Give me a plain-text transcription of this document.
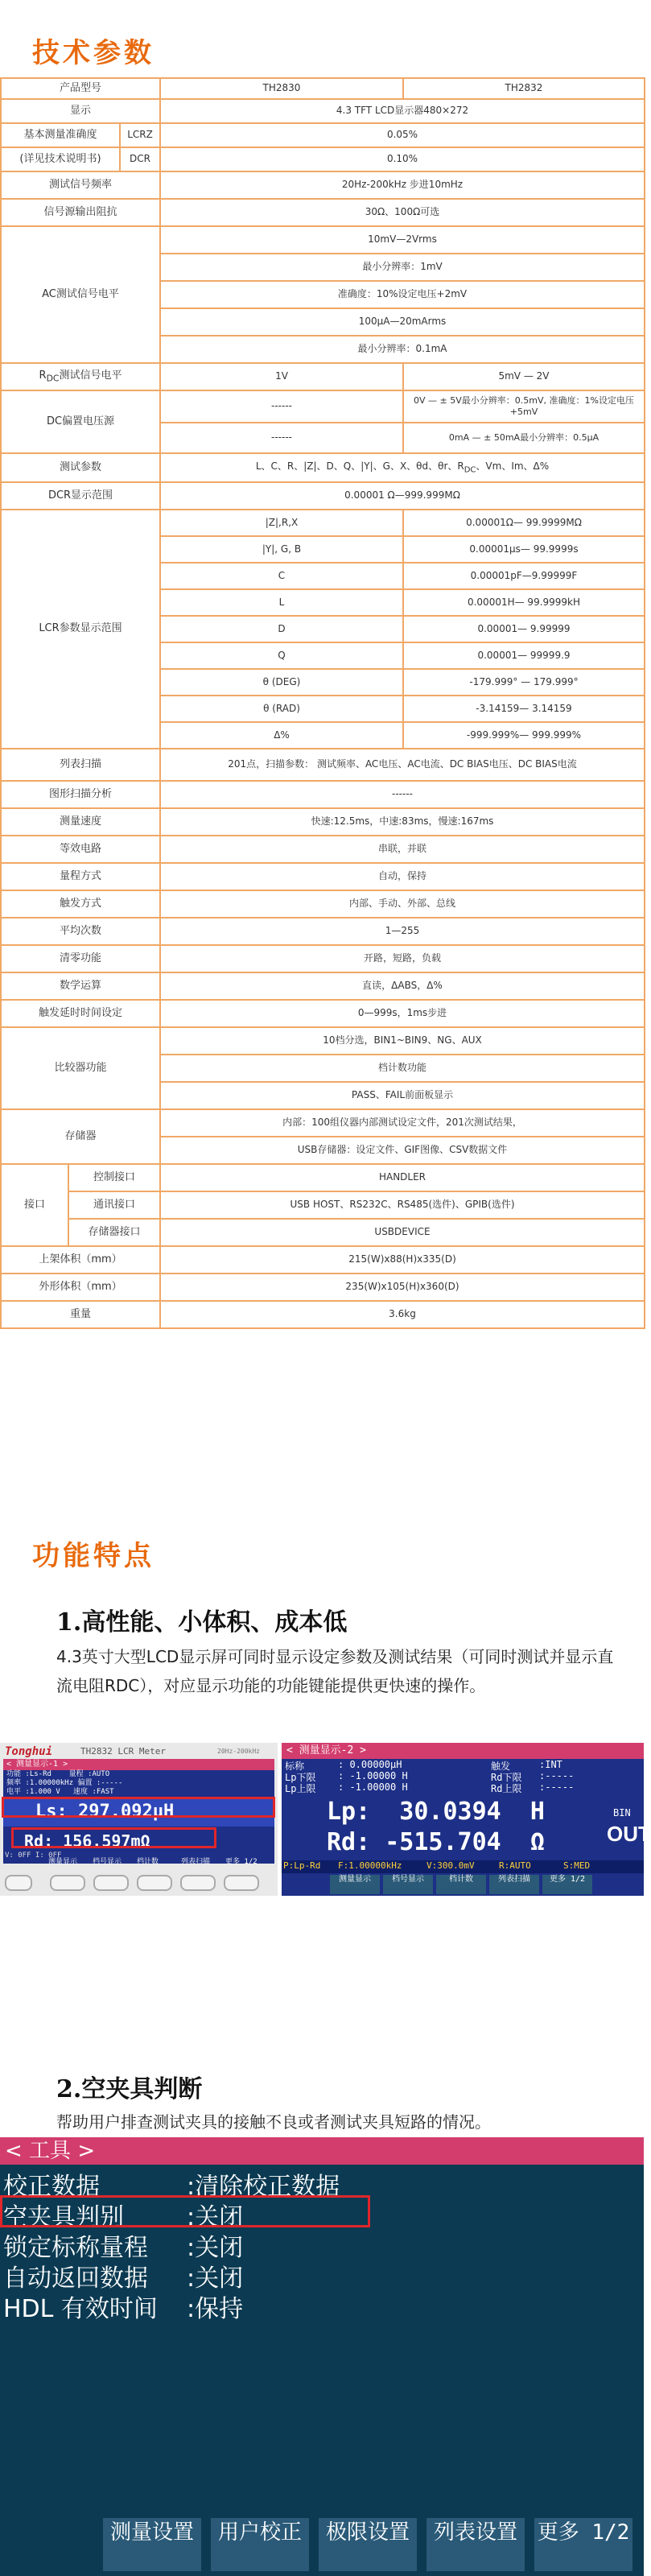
技术参数
产品型号			TH2830	TH2832
显示			4.3 TFT LCD显示器480×272	
基本测量准确度		LCRZ	0.05%	
(详见技术说明书)		DCR	0.10%	
测试信号频率			20Hz-200kHz 步进10mHz	
信号源输出阻抗			30Ω、100Ω可选	
AC测试信号电平			10mV—2Vrms	
			最小分辨率：1mV	
			准确度：10%设定电压+2mV	
			100μA—20mArms	
			最小分辨率：0.1mA	
$R_{DC}$测试信号电平			1V	5mV — 2V
DC偏置电压源			------	0V — ± 5V最小分辨率：0.5mV, 准确度：1%设定电压+5mV
			------	0mA — ± 50mA最小分辨率：0.5μA
测试参数			L、C、R、|Z|、D、Q、|Y|、G、X、θd、θr、$R_{DC}$、Vm、Im、Δ%	
DCR显示范围			0.00001 Ω—999.999MΩ	
LCR参数显示范围			|Z|,R,X	0.00001Ω— 99.9999MΩ
			|Y|, G, B	0.00001μs— 99.9999s
			C	0.00001pF—9.99999F
			L	0.00001H— 99.9999kH
			D	0.00001— 9.99999
			Q	0.00001— 99999.9
			θ (DEG)	-179.999° — 179.999°
			θ (RAD)	-3.14159— 3.14159
			Δ%	-999.999%— 999.999%
列表扫描			201点，扫描参数： 测试频率、AC电压、AC电流、DC BIAS电压、DC BIAS电流	
图形扫描分析			------	
测量速度			快速:12.5ms，中速:83ms，慢速:167ms	
等效电路			串联，并联	
量程方式			自动，保持	
触发方式			内部、手动、外部、总线	
平均次数			1—255	
清零功能			开路，短路，负载	
数学运算			直读，ΔABS，Δ%	
触发延时时间设定			0—999s，1ms步进	
比较器功能			10档分选，BIN1~BIN9、NG、AUX	
			档计数功能	
			PASS、FAIL前面板显示	
存储器			内部：100组仪器内部测试设定文件，201次测试结果，	
			USB存储器：设定文件、GIF图像、CSV数据文件	
接口	控制接口		HANDLER	
	通讯接口		USB HOST、RS232C、RS485(选件)、GPIB(选件)	
	存储器接口		USBDEVICE	
上架体积（mm）			215(W)x88(H)x335(D)	
外形体积（mm）			235(W)x105(H)x360(D)	
重量			3.6kg	
功能特点
1.高性能、小体积、成本低
4.3英寸大型LCD显示屏可同时显示设定参数及测试结果（可同时测试并显示直流电阻RDC），对应显示功能的功能键能提供更快速的操作。
Tonghui	TH2832 LCR Meter	20Hz-200kHz
< 测量显示-1 >
功能 :Ls-Rd    量程 :AUTO
频率 :1.00000kHz 偏置 :-----
电平 :1.000 V   速度 :FAST
Ls: 297.092μH
Rd: 156.597mΩ
V: 0FF I: 0FF
测量显示 档号显示 档计数	列表扫描 更多 1/2
< 测量显示-2 >
标称	: 0.00000μH	触发	:INT
Lp下限 : -1.00000 H	Rd下限 :-----
Lp上限 : -1.00000 H	Rd上限 :-----
Lp:  30.0394  H
Rd: -515.704  Ω
BIN
OUT
P:Lp-Rd F:1.00000kHz	V:300.0mV	R:AUTO	S:MED
测量显示	档号显示	档计数	列表扫描	更多 1/2
2.空夹具判断
帮助用户排查测试夹具的接触不良或者测试夹具短路的情况。
< 工具 >
校正数据	:清除校正数据
空夹具判别	:关闭
锁定标称量程 :关闭
自动返回数据 :关闭
HDL 有效时间 :保持
测量设置	用户校正	极限设置	列表设置 更多 1/2
